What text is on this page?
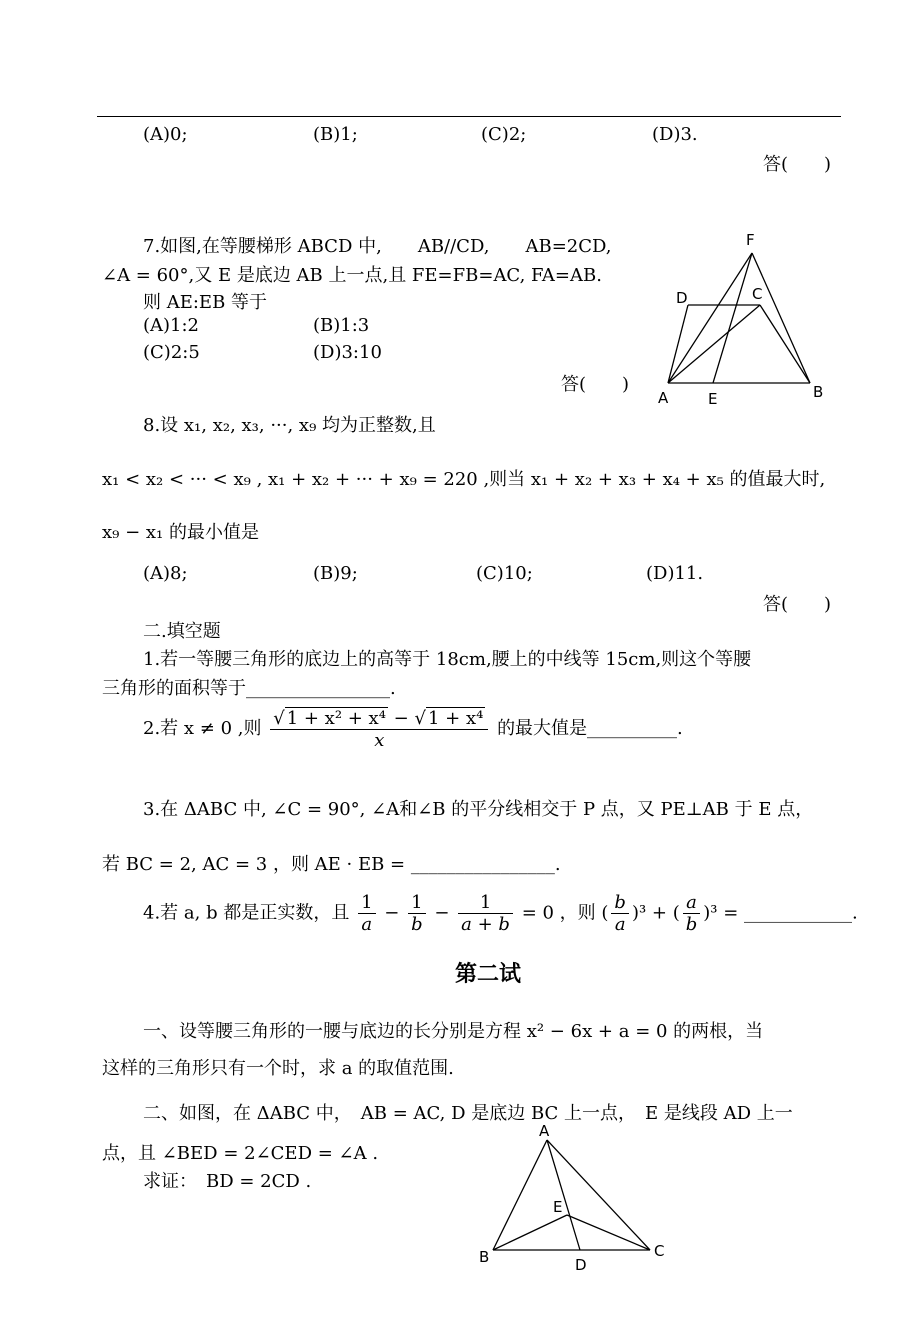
(A)0;	(B)1;	(C)2;	(D)3.
答(　　)
7.如图,在等腰梯形 ABCD 中,　　AB//CD,　　AB=2CD,
∠A = 60°,又 E 是底边 AB 上一点,且 FE=FB=AC, FA=AB.
则 AE:EB 等于
(A)1:2	(B)1:3
(C)2:5	(D)3:10
答(　　)
F
D	C
A	E	B
8.设 x₁, x₂, x₃, ···, x₉ 均为正整数,且
x₁ < x₂ < ··· < x₉ , x₁ + x₂ + ··· + x₉ = 220 ,则当 x₁ + x₂ + x₃ + x₄ + x₅ 的值最大时,
x₉ − x₁ 的最小值是
(A)8;	(B)9;	(C)10;	(D)11.
答(　　)
二.填空题
1.若一等腰三角形的底边上的高等于 18cm,腰上的中线等 15cm,则这个等腰
三角形的面积等于________________.
2.若 x ≠ 0 ,则 $\frac{\text{√ 1 + x² + x⁴ − √ 1 + x⁴}}{x}$ 的最大值是__________.
3.在 ΔABC 中, ∠C = 90°, ∠A和∠B 的平分线相交于 P 点，又 PE⊥AB 于 E 点，
若 BC = 2, AC = 3 ，则 AE · EB = ________________.
4.若 a, b 都是正实数，且 $\frac{1}{a} - \frac{1}{b} - \frac{1}{a + b} = 0$ ，则 ( $\frac{b}{a} )^3$ + ( $\frac{a}{b} )^3$ = ____________.
第二试
一、设等腰三角形的一腰与底边的长分别是方程 x² − 6x + a = 0 的两根，当
这样的三角形只有一个时，求 a 的取值范围.
二、如图，在 ΔABC 中，　AB = AC, D 是底边 BC 上一点，　E 是线段 AD 上一
点，且 ∠BED = 2∠CED = ∠A .
求证：　BD = 2CD .
A
E
B	C
D
